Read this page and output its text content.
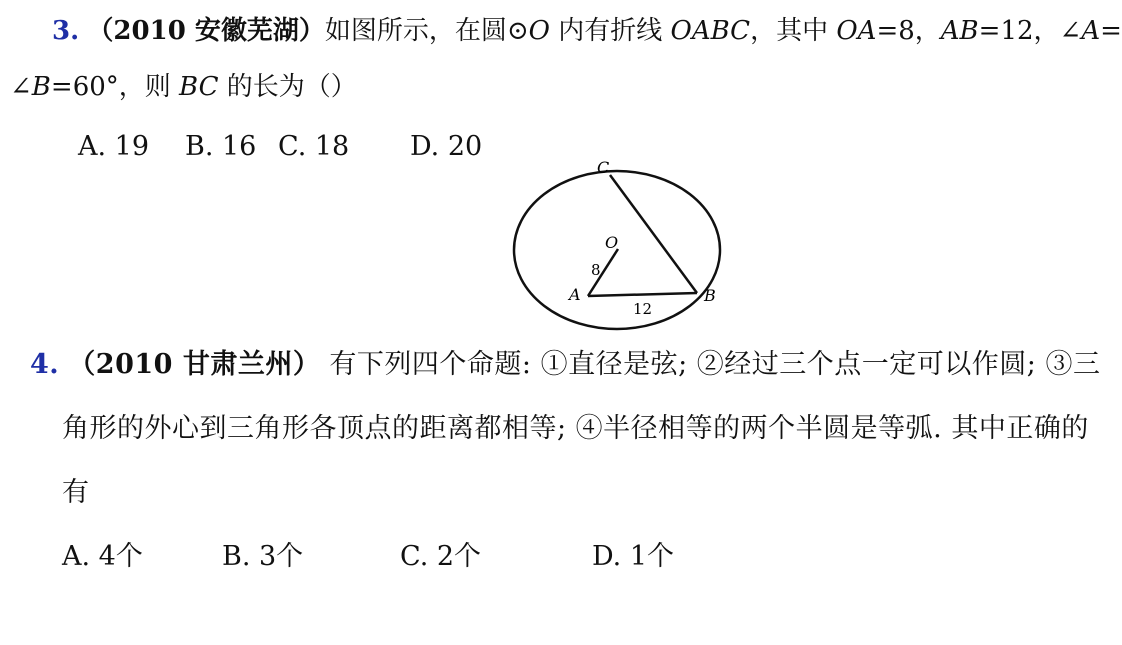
3. （2010 安徽芜湖）如图所示，在圆⊙O 内有折线 OABC，其中 OA=8，AB=12，∠A=
∠B=60°，则 BC 的长为（）
A. 19 B. 16 C. 18 D. 20
C
O
A	B
8
12
4. （2010 甘肃兰州） 有下列四个命题: ①直径是弦; ②经过三个点一定可以作圆; ③三
角形的外心到三角形各顶点的距离都相等; ④半径相等的两个半圆是等弧. 其中正确的
有
A. 4个	B. 3个	C. 2个	D. 1个
